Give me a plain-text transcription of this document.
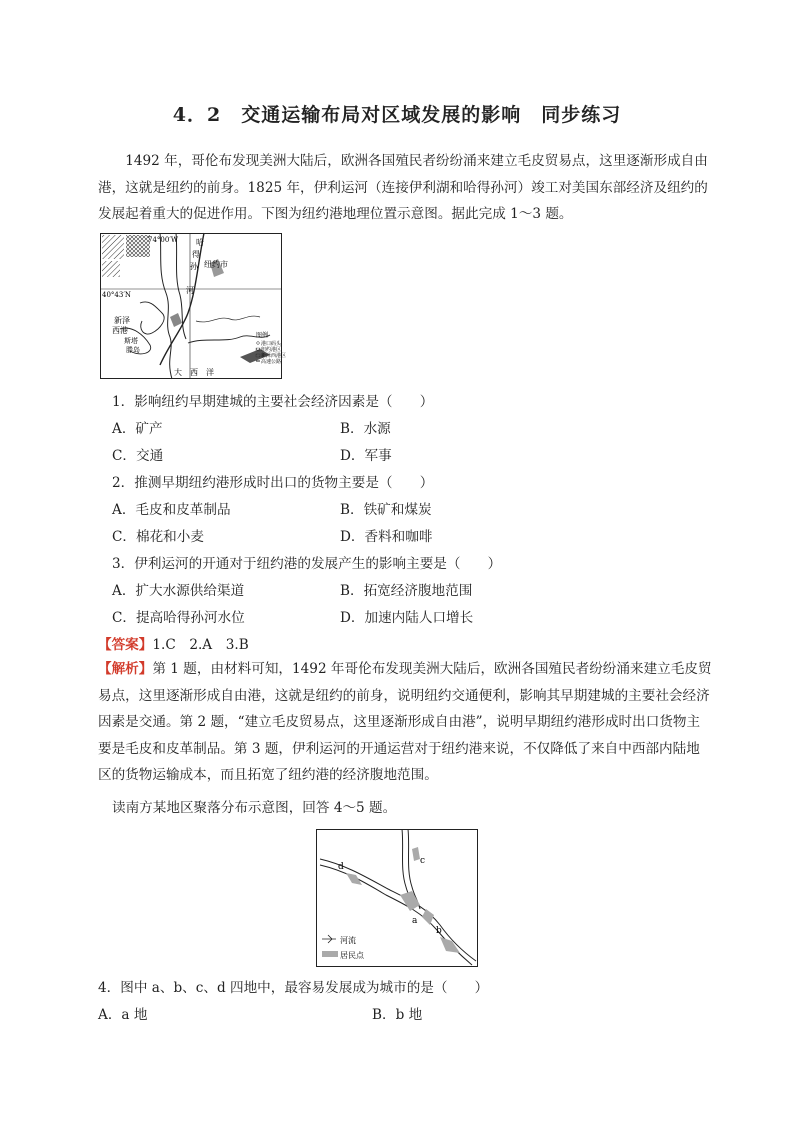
4．2　交通运输布局对区域发展的影响　同步练习
1492 年，哥伦布发现美洲大陆后，欧洲各国殖民者纷纷涌来建立毛皮贸易点，这里逐渐形成自由港，这就是纽约的前身。1825 年，伊利运河（连接伊利湖和哈得孙河）竣工对美国东部经济及纽约的发展起着重大的促进作用。下图为纽约港地理位置示意图。据此完成 1～3 题。
74°00′W 哈
得
孙
河
纽约市
40°43′N
新泽
西港
斯塔
滕岛
大　西　洋
图例
港口码头
纽约港区
新泽西港区
高速公路
1．影响纽约早期建城的主要社会经济因素是（　　）
A．矿产	B．水源
C．交通	D．军事
2．推测早期纽约港形成时出口的货物主要是（　　）
A．毛皮和皮革制品	B．铁矿和煤炭
C．棉花和小麦	D．香料和咖啡
3．伊利运河的开通对于纽约港的发展产生的影响主要是（　　）
A．扩大水源供给渠道	B．拓宽经济腹地范围
C．提高哈得孙河水位	D．加速内陆人口增长
【答案】1.C　2.A　3.B
【解析】第 1 题，由材料可知，1492 年哥伦布发现美洲大陆后，欧洲各国殖民者纷纷涌来建立毛皮贸易点，这里逐渐形成自由港，这就是纽约的前身，说明纽约交通便利，影响其早期建城的主要社会经济因素是交通。第 2 题，“建立毛皮贸易点，这里逐渐形成自由港”，说明早期纽约港形成时出口货物主要是毛皮和皮革制品。第 3 题，伊利运河的开通运营对于纽约港来说，不仅降低了来自中西部内陆地区的货物运输成本，而且拓宽了纽约港的经济腹地范围。
读南方某地区聚落分布示意图，回答 4～5 题。
d
a
b
c
河流
居民点
4．图中 a、b、c、d 四地中，最容易发展成为城市的是（　　）
A．a 地	B．b 地
